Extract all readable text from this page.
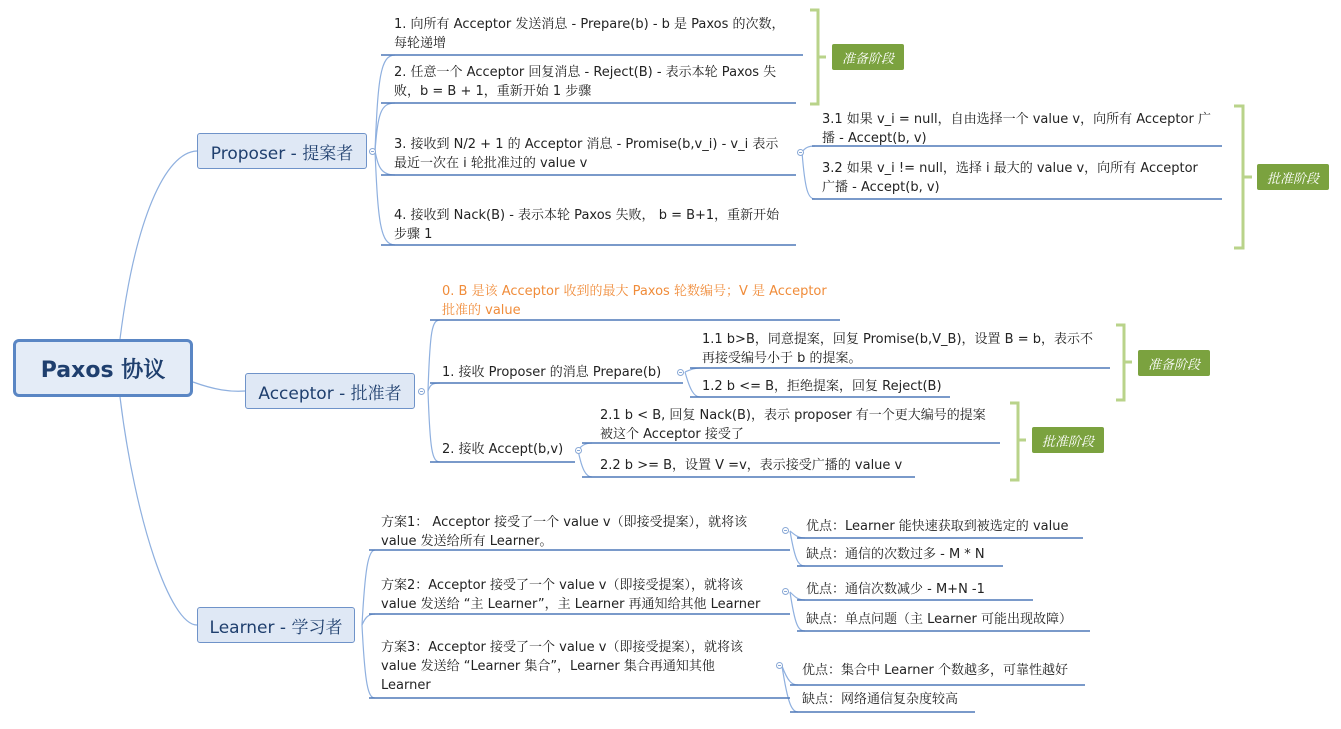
Paxos 协议
Proposer - 提案者
Acceptor - 批准者
Learner - 学习者
1. 向所有 Acceptor 发送消息 - Prepare(b) - b 是 Paxos 的次数，
每轮递增
2. 任意一个 Acceptor 回复消息 - Reject(B) - 表示本轮 Paxos 失
败，b = B + 1，重新开始 1 步骤
3. 接收到 N/2 + 1 的 Acceptor 消息 - Promise(b,v_i) - v_i 表示
最近一次在 i 轮批准过的 value v
4. 接收到 Nack(B) - 表示本轮 Paxos 失败， b = B+1，重新开始
步骤 1
3.1 如果 v_i = null，自由选择一个 value v，向所有 Acceptor 广
播 - Accept(b, v)
3.2 如果 v_i != null，选择 i 最大的 value v，向所有 Acceptor
广播 - Accept(b, v)
准备阶段
批准阶段
0. B 是该 Acceptor 收到的最大 Paxos 轮数编号；V 是 Acceptor
批准的 value
1. 接收 Proposer 的消息 Prepare(b)
1.1 b>B，同意提案，回复 Promise(b,V_B)，设置 B = b，表示不
再接受编号小于 b 的提案。
1.2 b <= B，拒绝提案，回复 Reject(B)
准备阶段
2. 接收 Accept(b,v)
2.1 b < B, 回复 Nack(B)，表示 proposer 有一个更大编号的提案
被这个 Acceptor 接受了
2.2 b >= B，设置 V =v，表示接受广播的 value v
批准阶段
方案1： Acceptor 接受了一个 value v（即接受提案），就将该
value 发送给所有 Learner。
优点：Learner 能快速获取到被选定的 value
缺点：通信的次数过多 - M * N
方案2：Acceptor 接受了一个 value v（即接受提案），就将该
value 发送给 “主 Learner”，主 Learner 再通知给其他 Learner
优点：通信次数减少 - M+N -1
缺点：单点问题（主 Learner 可能出现故障）
方案3：Acceptor 接受了一个 value v（即接受提案），就将该
value 发送给 “Learner 集合”，Learner 集合再通知其他
Learner
优点：集合中 Learner 个数越多，可靠性越好
缺点：网络通信复杂度较高
